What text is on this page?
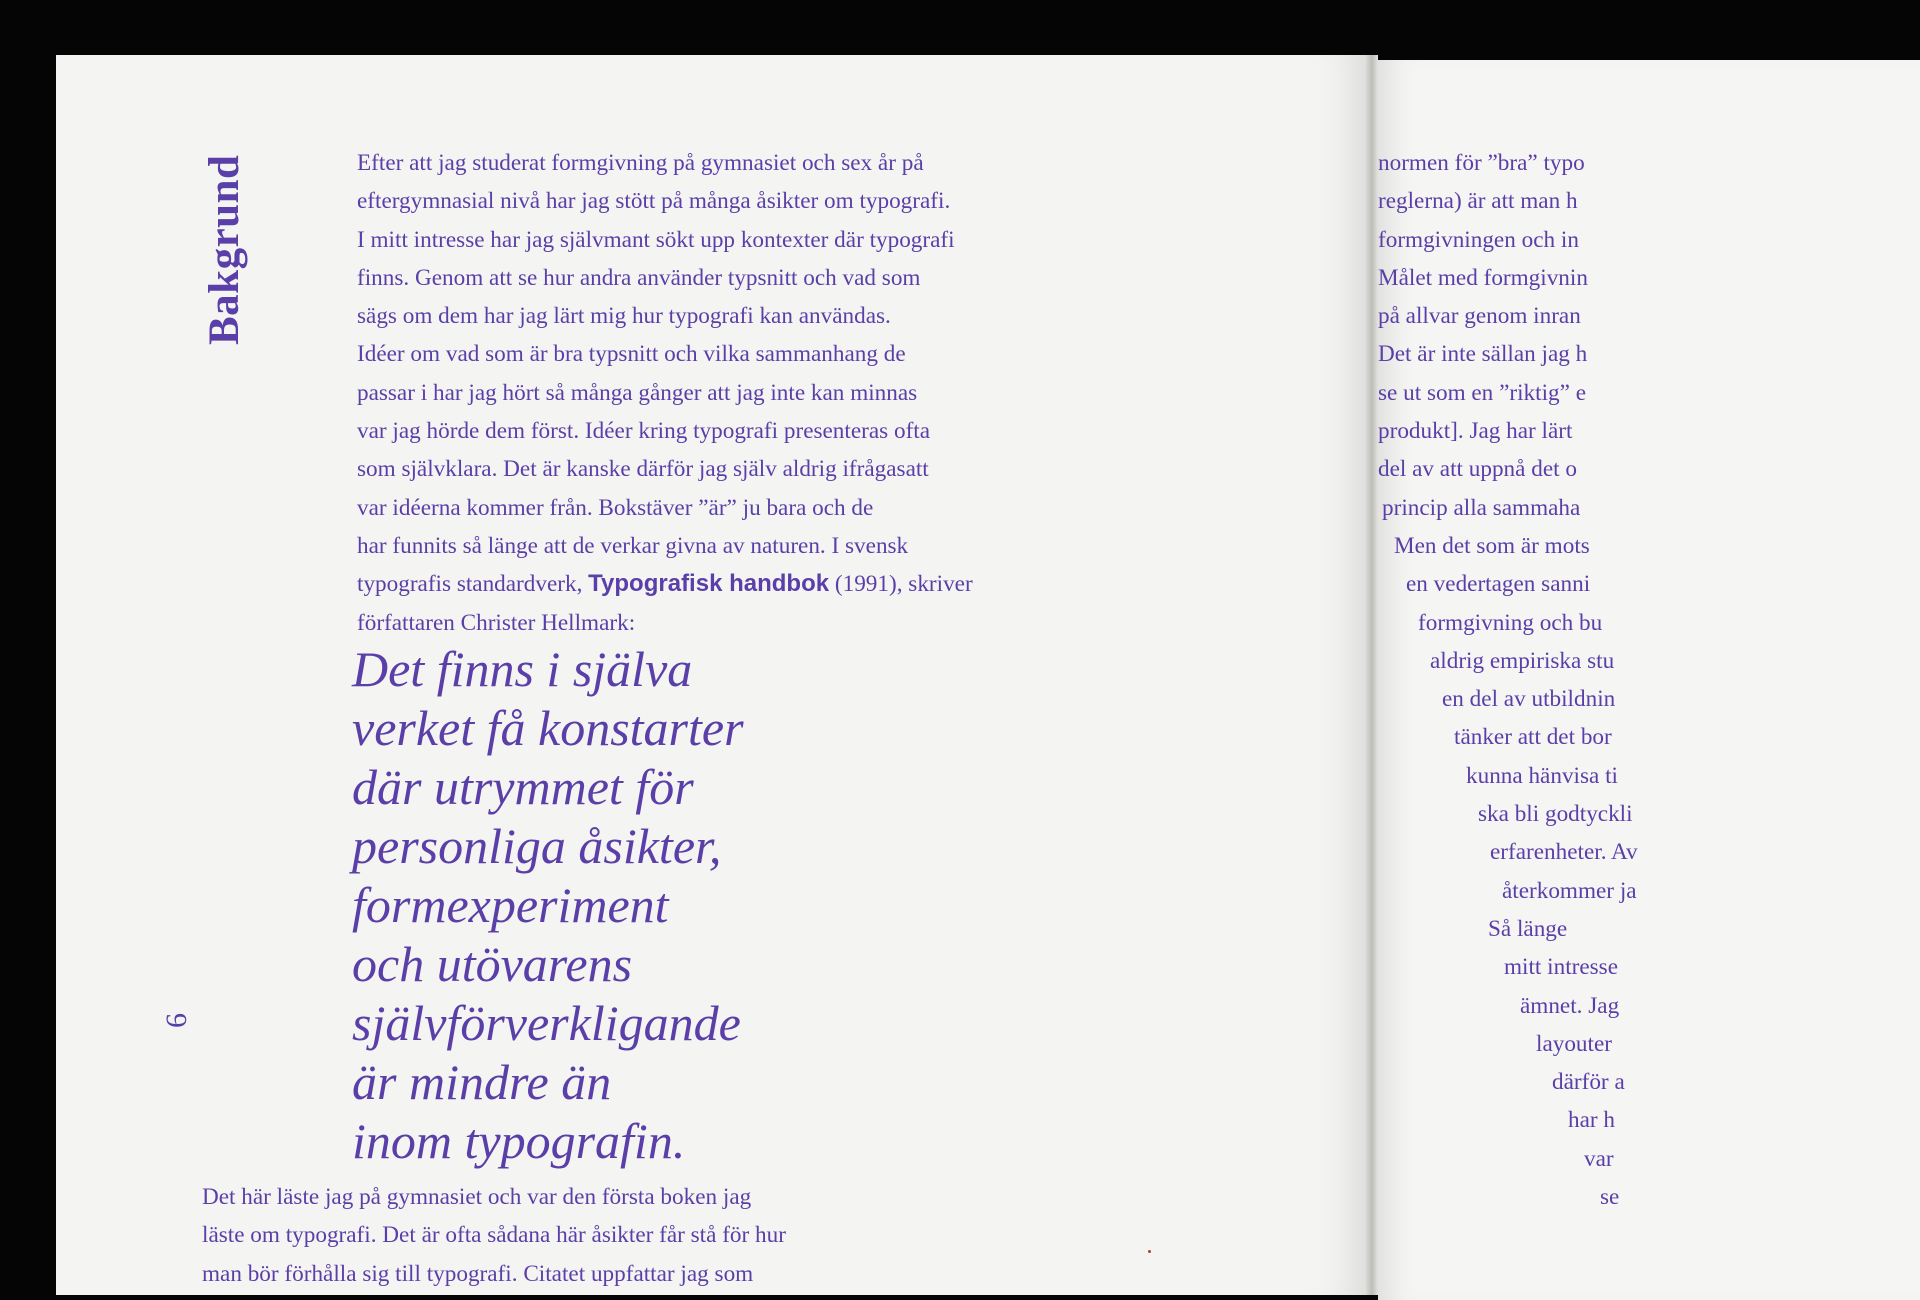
normen för ”bra” typo
reglerna) är att man h
formgivningen och in
Målet med formgivnin
på allvar genom inran
Det är inte sällan jag h
se ut som en ”riktig” e
produkt]. Jag har lärt
del av att uppnå det o
princip alla sammaha
Men det som är mots
en vedertagen sanni
formgivning och bu
aldrig empiriska stu
en del av utbildnin
tänker att det bor
kunna hänvisa ti
ska bli godtyckli
erfarenheter. Av
återkommer ja
Så länge
mitt intresse
ämnet. Jag
layouter
därför a
har h
var
se
Bakgrund
6
Efter att jag studerat formgivning på gymnasiet och sex år på
eftergymnasial nivå har jag stött på många åsikter om typografi.
I mitt intresse har jag självmant sökt upp kontexter där typografi
finns. Genom att se hur andra använder typsnitt och vad som
sägs om dem har jag lärt mig hur typografi kan användas.
Idéer om vad som är bra typsnitt och vilka sammanhang de
passar i har jag hört så många gånger att jag inte kan minnas
var jag hörde dem först. Idéer kring typografi presenteras ofta
som självklara. Det är kanske därför jag själv aldrig ifrågasatt
var idéerna kommer från. Bokstäver ”är” ju bara och de
har funnits så länge att de verkar givna av naturen. I svensk
typografis standardverk, Typografisk handbok (1991), skriver
författaren Christer Hellmark:
Det finns i själva
verket få konstarter
där utrymmet för
personliga åsikter,
formexperiment
och utövarens
självförverkligande
är mindre än
inom typografin.
Det här läste jag på gymnasiet och var den första boken jag
läste om typografi. Det är ofta sådana här åsikter får stå för hur
man bör förhålla sig till typografi. Citatet uppfattar jag som
